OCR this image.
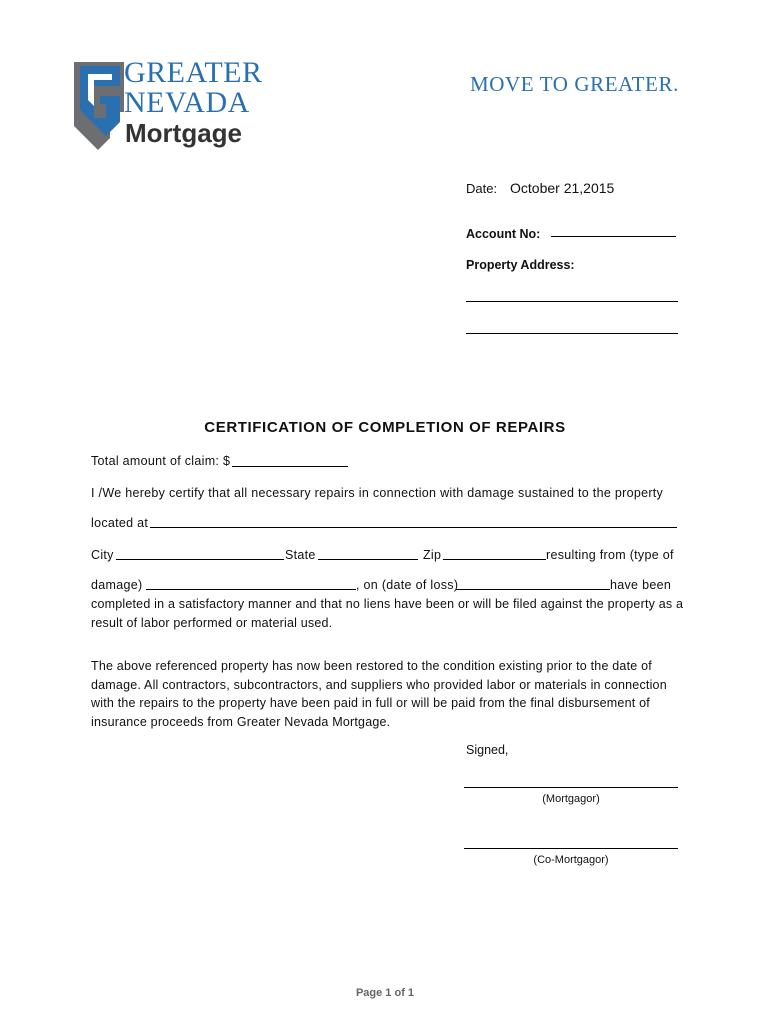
GREATER
NEVADA
Mortgage
MOVE TO GREATER.
Date: October 21,2015
Account No:
Property Address:
CERTIFICATION OF COMPLETION OF REPAIRS
Total amount of claim: $
I /We hereby certify that all necessary repairs in connection with damage sustained to the property
located at
City	State	Zip	resulting from (type of
damage)	, on (date of loss)	have been
completed in a satisfactory manner and that no liens have been or will be filed against the property as a result of labor performed or material used.
The above referenced property has now been restored to the condition existing prior to the date of damage. All contractors, subcontractors, and suppliers who provided labor or materials in connection with the repairs to the property have been paid in full or will be paid from the final disbursement of insurance proceeds from Greater Nevada Mortgage.
Signed,
(Mortgagor)
(Co-Mortgagor)
Page 1 of 1
